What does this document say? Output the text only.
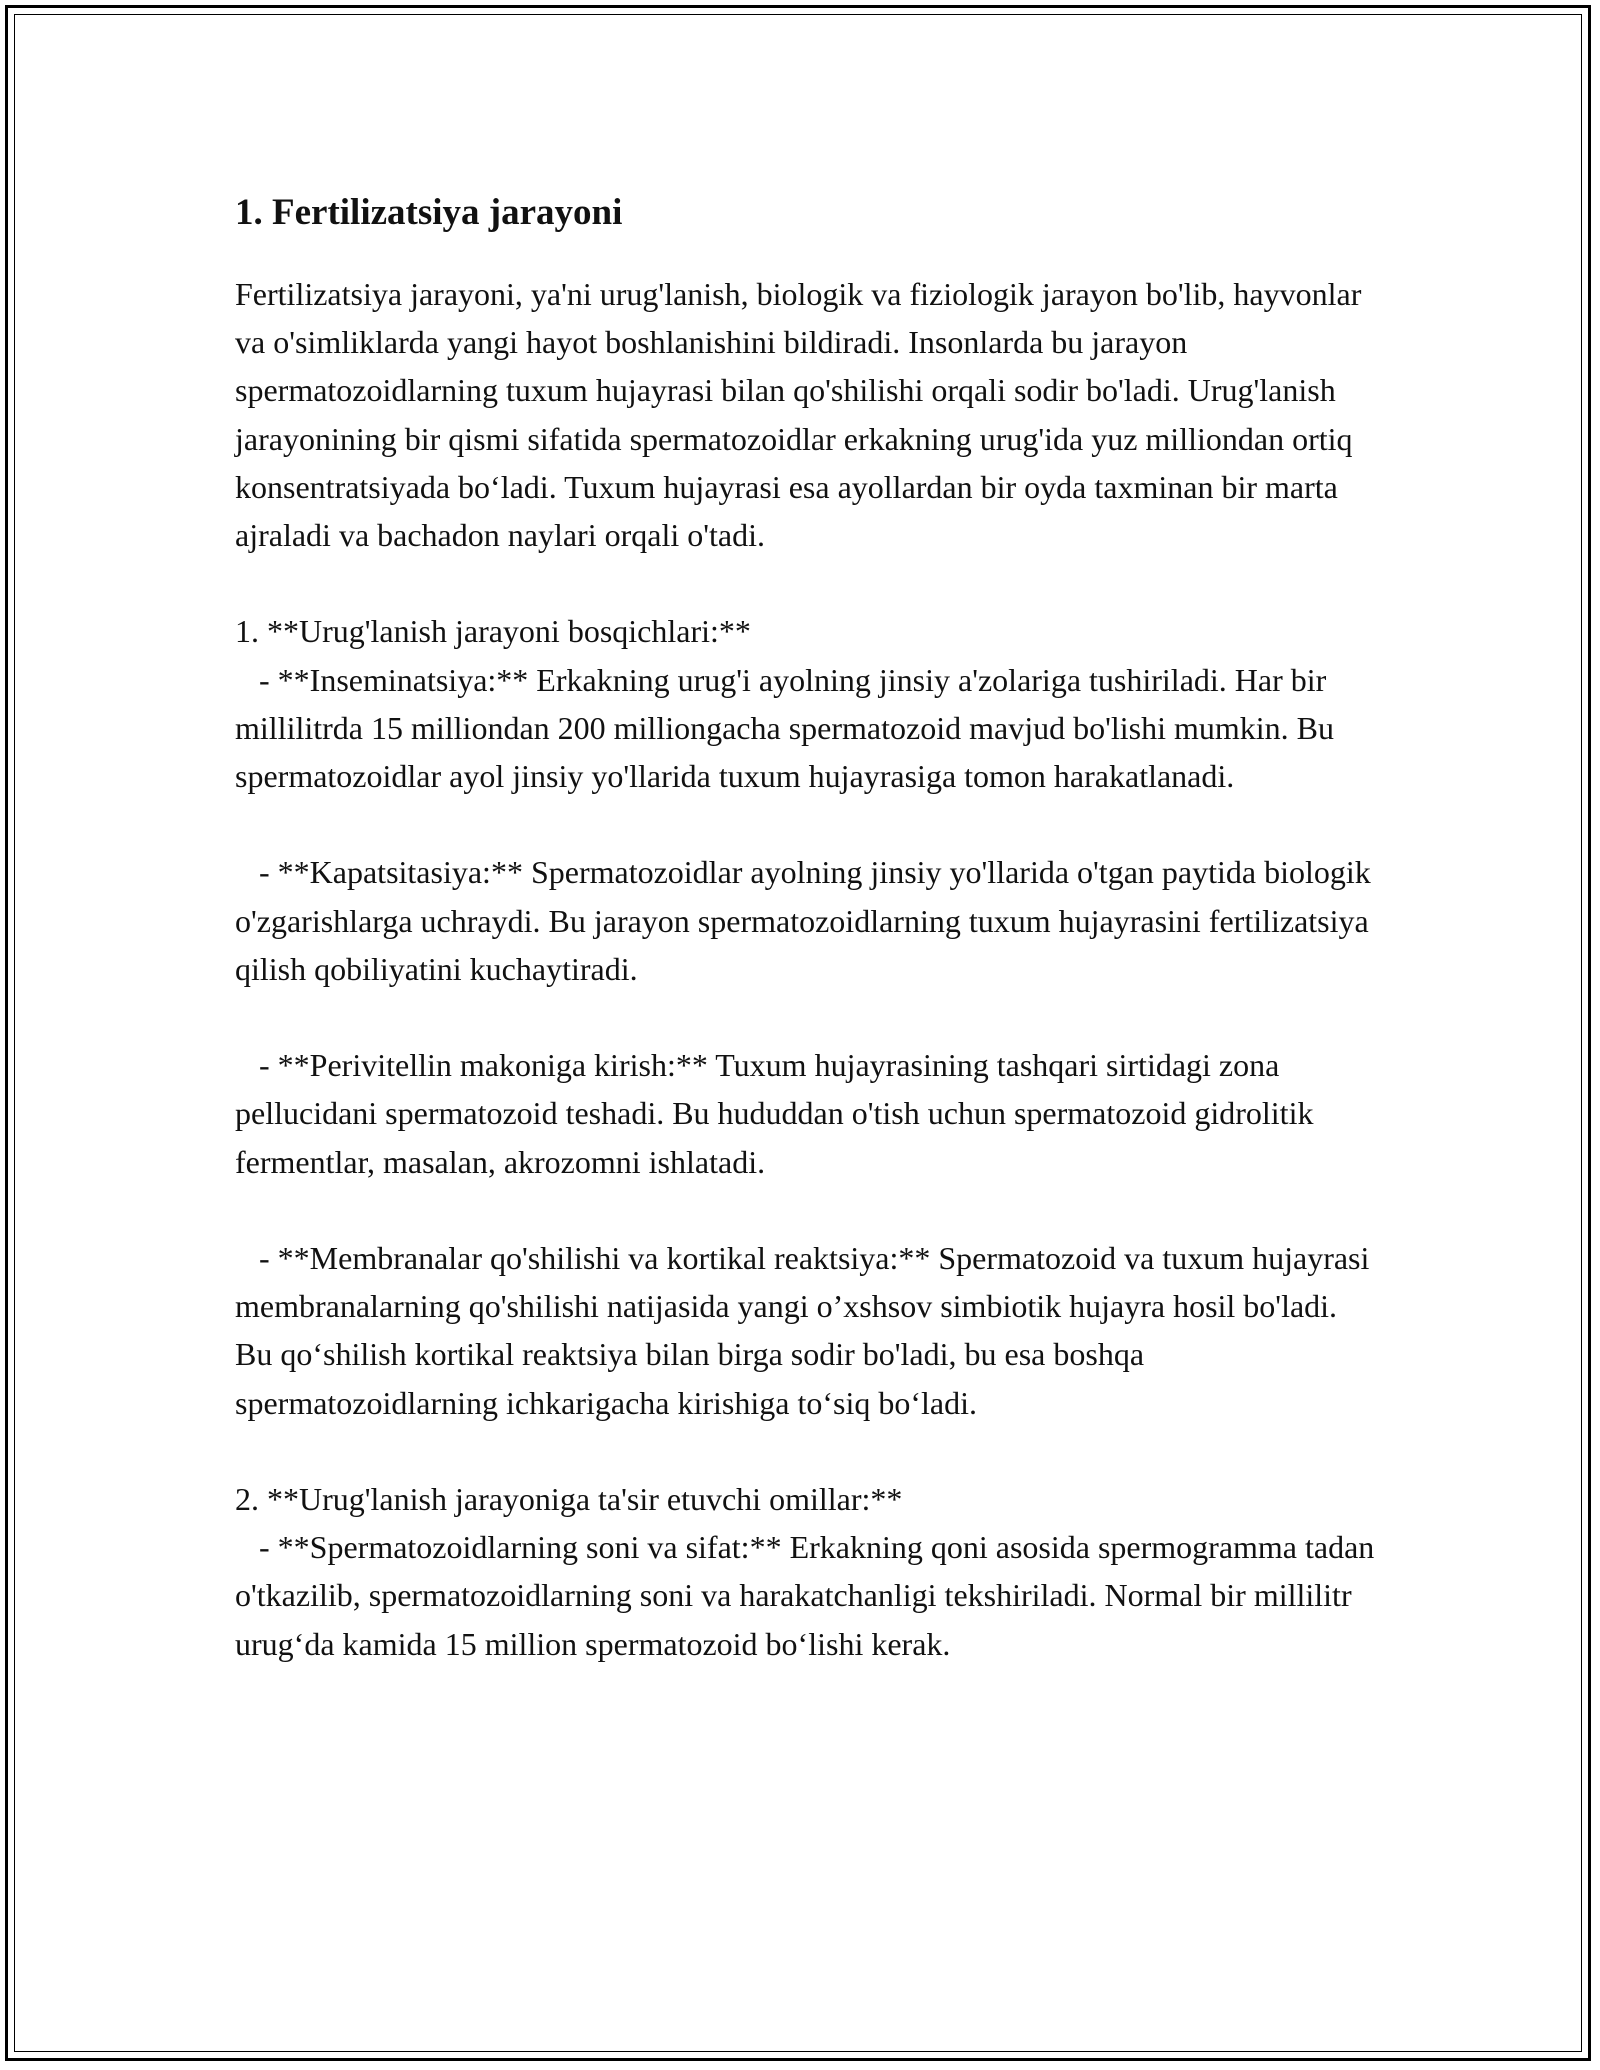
1. Fertilizatsiya jarayoni

Fertilizatsiya jarayoni, ya'ni urug'lanish, biologik va fiziologik jarayon bo'lib, hayvonlar va o'simliklarda yangi hayot boshlanishini bildiradi. Insonlarda bu jarayon spermatozoidlarning tuxum hujayrasi bilan qo'shilishi orqali sodir bo'ladi. Urug'lanish jarayonining bir qismi sifatida spermatozoidlar erkakning urug'ida yuz milliondan ortiq konsentratsiyada bo‘ladi. Tuxum hujayrasi esa ayollardan bir oyda taxminan bir marta ajraladi va bachadon naylari orqali o'tadi.

1. **Urug'lanish jarayoni bosqichlari:**
- **Inseminatsiya:** Erkakning urug'i ayolning jinsiy a'zolariga tushiriladi. Har bir millilitrda 15 milliondan 200 milliongacha spermatozoid mavjud bo'lishi mumkin. Bu spermatozoidlar ayol jinsiy yo'llarida tuxum hujayrasiga tomon harakatlanadi.

- **Kapatsitasiya:** Spermatozoidlar ayolning jinsiy yo'llarida o'tgan paytida biologik o'zgarishlarga uchraydi. Bu jarayon spermatozoidlarning tuxum hujayrasini fertilizatsiya qilish qobiliyatini kuchaytiradi.

- **Perivitellin makoniga kirish:** Tuxum hujayrasining tashqari sirtidagi zona pellucidani spermatozoid teshadi. Bu hududdan o'tish uchun spermatozoid gidrolitik fermentlar, masalan, akrozomni ishlatadi.

- **Membranalar qo'shilishi va kortikal reaktsiya:** Spermatozoid va tuxum hujayrasi membranalarning qo'shilishi natijasida yangi o’xshsov simbiotik hujayra hosil bo'ladi. Bu qo‘shilish kortikal reaktsiya bilan birga sodir bo'ladi, bu esa boshqa spermatozoidlarning ichkarigacha kirishiga to‘siq bo‘ladi.

2. **Urug'lanish jarayoniga ta'sir etuvchi omillar:**
- **Spermatozoidlarning soni va sifat:** Erkakning qoni asosida spermogramma tadan o'tkazilib, spermatozoidlarning soni va harakatchanligi tekshiriladi. Normal bir millilitr urug‘da kamida 15 million spermatozoid bo‘lishi kerak.
